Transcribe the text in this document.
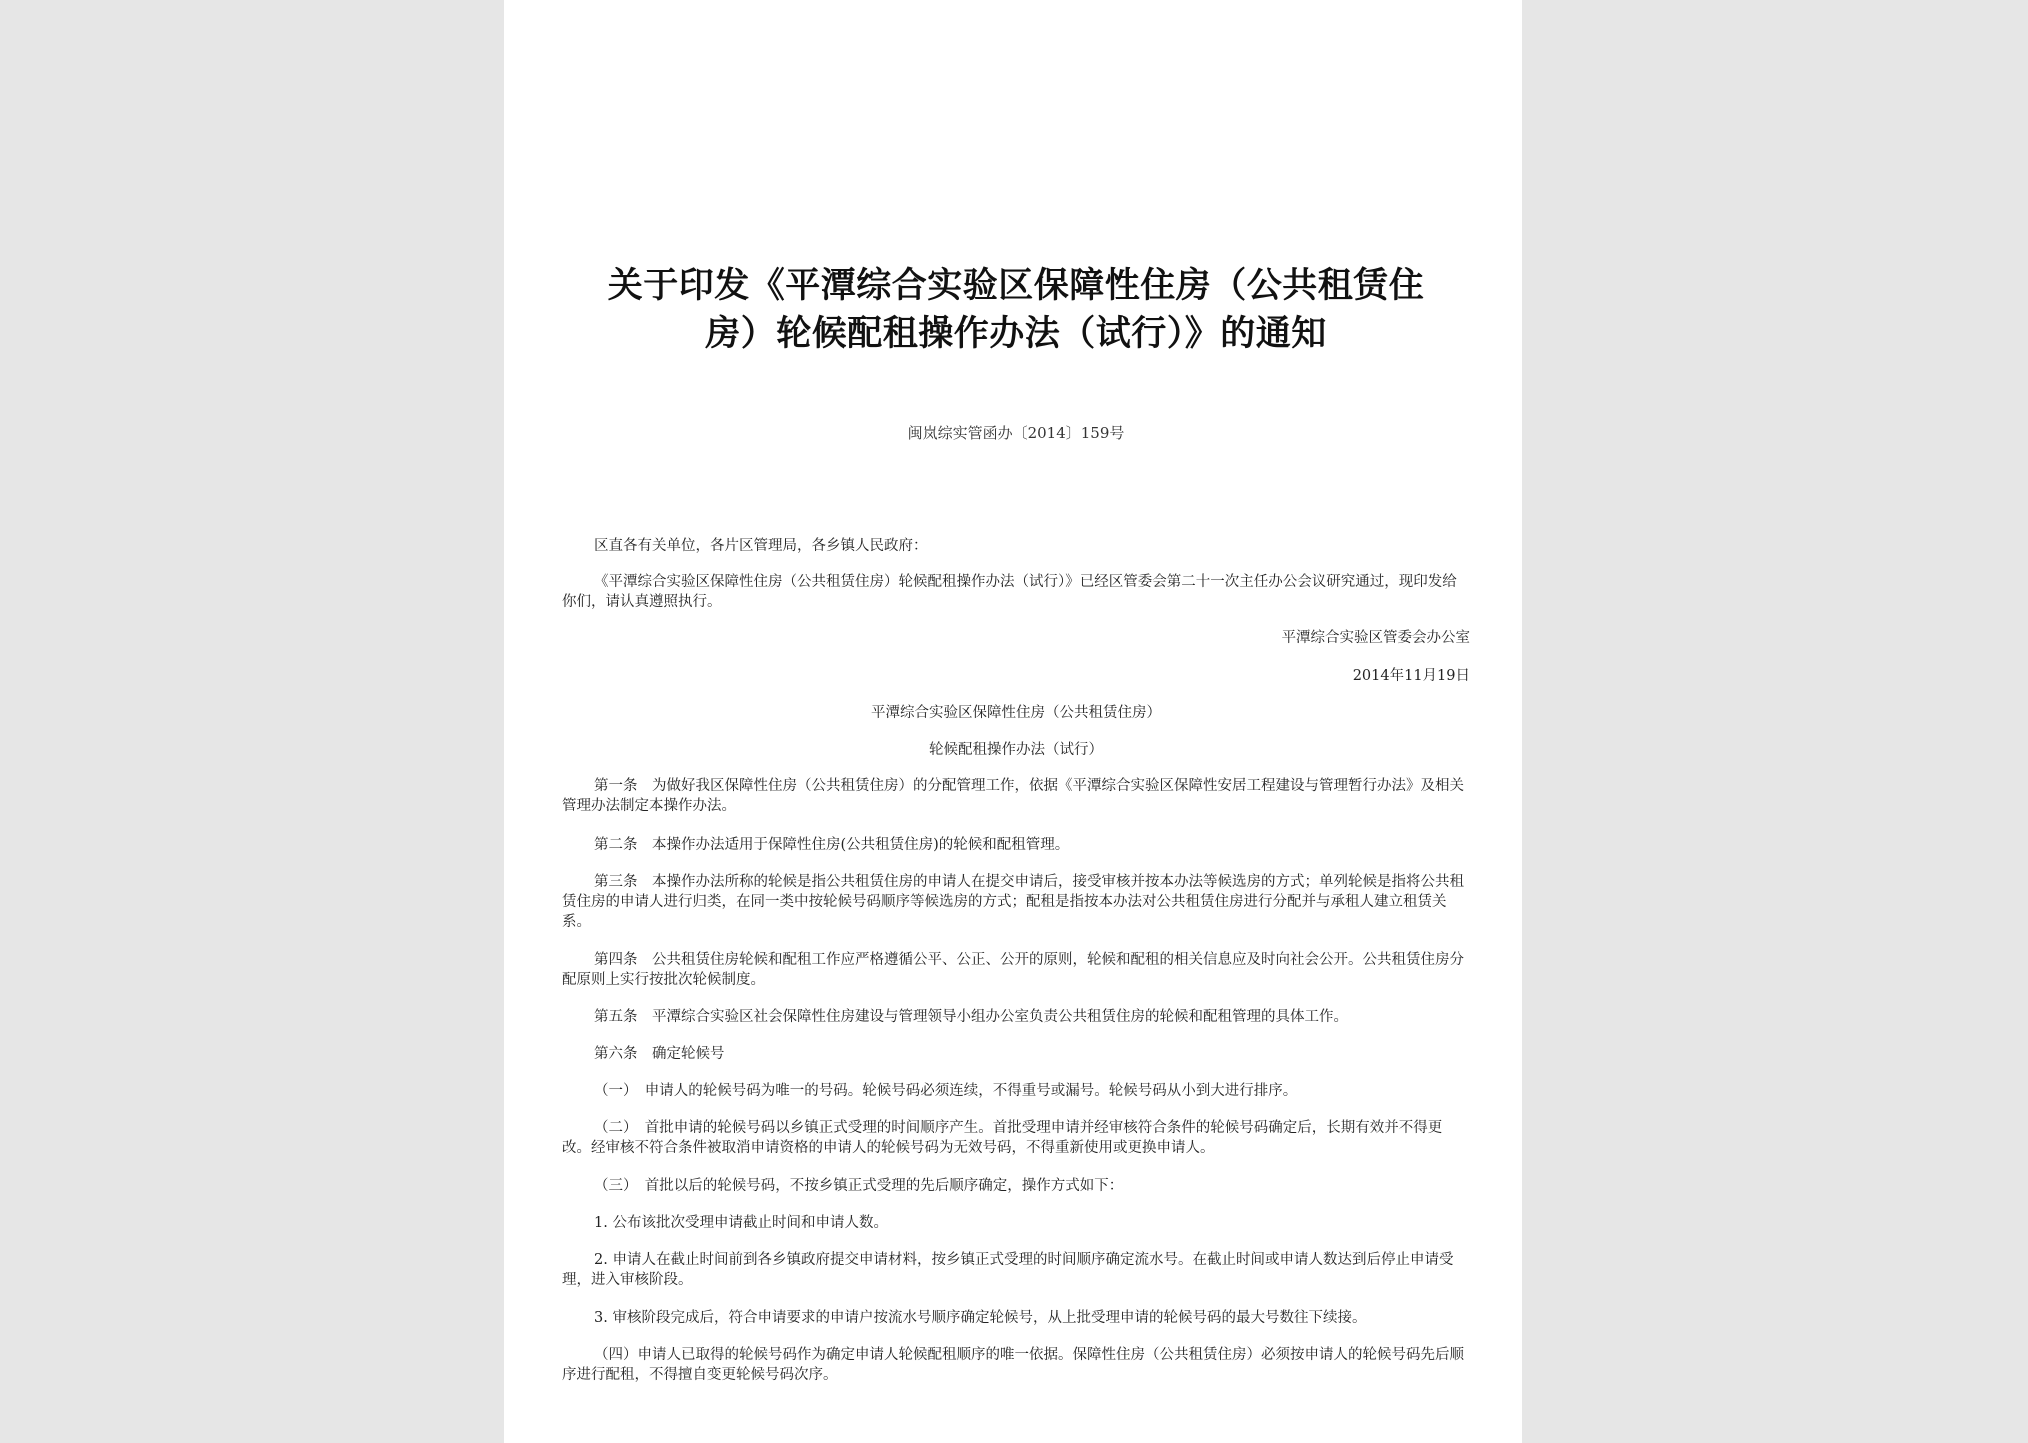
关于印发《平潭综合实验区保障性住房（公共租赁住
房）轮候配租操作办法（试行）》的通知
闽岚综实管函办〔2014〕159号
区直各有关单位，各片区管理局，各乡镇人民政府：
《平潭综合实验区保障性住房（公共租赁住房）轮候配租操作办法（试行）》已经区管委会第二十一次主任办公会议研究通过，现印发给你们，请认真遵照执行。
平潭综合实验区管委会办公室
2014年11月19日
平潭综合实验区保障性住房（公共租赁住房）
轮候配租操作办法（试行）
第一条　为做好我区保障性住房（公共租赁住房）的分配管理工作，依据《平潭综合实验区保障性安居工程建设与管理暂行办法》及相关管理办法制定本操作办法。
第二条　本操作办法适用于保障性住房(公共租赁住房)的轮候和配租管理。
第三条　本操作办法所称的轮候是指公共租赁住房的申请人在提交申请后，接受审核并按本办法等候选房的方式；单列轮候是指将公共租赁住房的申请人进行归类，在同一类中按轮候号码顺序等候选房的方式；配租是指按本办法对公共租赁住房进行分配并与承租人建立租赁关系。
第四条　公共租赁住房轮候和配租工作应严格遵循公平、公正、公开的原则，轮候和配租的相关信息应及时向社会公开。公共租赁住房分配原则上实行按批次轮候制度。
第五条　平潭综合实验区社会保障性住房建设与管理领导小组办公室负责公共租赁住房的轮候和配租管理的具体工作。
第六条　确定轮候号
（一）　申请人的轮候号码为唯一的号码。轮候号码必须连续，不得重号或漏号。轮候号码从小到大进行排序。
（二）　首批申请的轮候号码以乡镇正式受理的时间顺序产生。首批受理申请并经审核符合条件的轮候号码确定后，长期有效并不得更改。经审核不符合条件被取消申请资格的申请人的轮候号码为无效号码，不得重新使用或更换申请人。
（三）　首批以后的轮候号码，不按乡镇正式受理的先后顺序确定，操作方式如下：
1. 公布该批次受理申请截止时间和申请人数。
2. 申请人在截止时间前到各乡镇政府提交申请材料，按乡镇正式受理的时间顺序确定流水号。在截止时间或申请人数达到后停止申请受理，进入审核阶段。
3. 审核阶段完成后，符合申请要求的申请户按流水号顺序确定轮候号，从上批受理申请的轮候号码的最大号数往下续接。
（四）申请人已取得的轮候号码作为确定申请人轮候配租顺序的唯一依据。保障性住房（公共租赁住房）必须按申请人的轮候号码先后顺序进行配租，不得擅自变更轮候号码次序。
